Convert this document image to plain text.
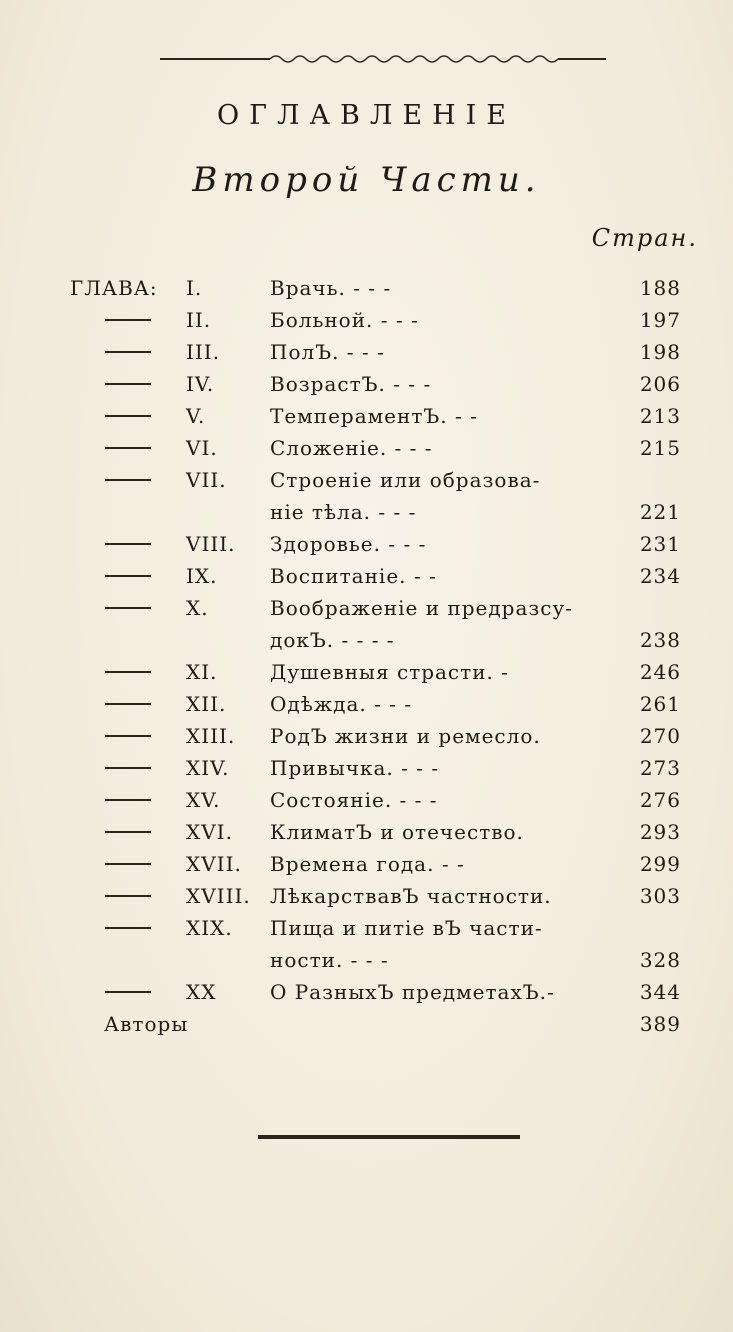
ОГЛАВЛЕНІЕ
Второй Части.
Стран.
ГЛАВА: I.	Врачь. - - -	188
II.	Больной. - - -	197
III. ПолЪ. - - -	198
IV.	ВозрастЪ. - - -	206
V.	ТемпераментЪ. - -	213
VI.	Сложеніе. - - -	215
VII. Строеніе или образова-
ніе тѣла. - - -	221
VIII. Здоровье. - - -	231
IX.	Воспитаніе. - -	234
X.	Воображеніе и предразсу-
докЪ. - - - -	238
XI.	Душевныя страсти. -	246
XII. Одѣжда. - - -	261
XIII. РодЪ жизни и ремесло.	270
XIV. Привычка. - - -	273
XV. Состояніе. - - -	276
XVI. КлиматЪ и отечество.	293
XVII. Времена года. - -	299
XVIII. ЛѣкарствавЪ частности.	303
XIX. Пища и питіе вЪ части-
ности. - - -	328
XX	О РазныхЪ предметахЪ.-	344
Авторы	389
